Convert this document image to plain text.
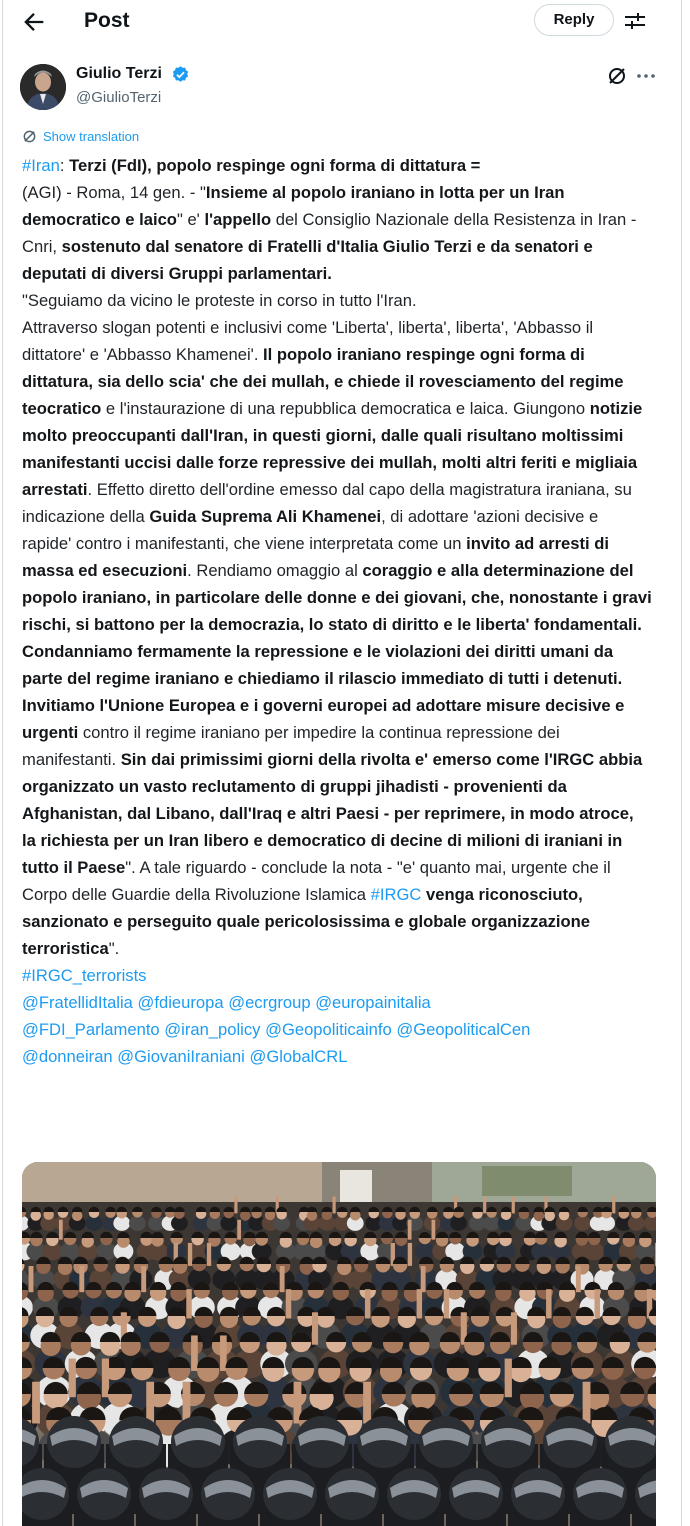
Post	Reply
Giulio Terzi
@GiulioTerzi
Show translation
#Iran: Terzi (FdI), popolo respinge ogni forma di dittatura =
(AGI) - Roma, 14 gen. - "Insieme al popolo iraniano in lotta per un Iran democratico e laico" e' l'appello del Consiglio Nazionale della Resistenza in Iran - Cnri, sostenuto dal senatore di Fratelli d'Italia Giulio Terzi e da senatori e deputati di diversi Gruppi parlamentari.
"Seguiamo da vicino le proteste in corso in tutto l'Iran.
Attraverso slogan potenti e inclusivi come 'Liberta', liberta', liberta', 'Abbasso il dittatore' e 'Abbasso Khamenei'. Il popolo iraniano respinge ogni forma di dittatura, sia dello scia' che dei mullah, e chiede il rovesciamento del regime teocratico e l'instaurazione di una repubblica democratica e laica. Giungono notizie molto preoccupanti dall'Iran, in questi giorni, dalle quali risultano moltissimi manifestanti uccisi dalle forze repressive dei mullah, molti altri feriti e migliaia arrestati. Effetto diretto dell'ordine emesso dal capo della magistratura iraniana, su indicazione della Guida Suprema Ali Khamenei, di adottare 'azioni decisive e rapide' contro i manifestanti, che viene interpretata come un invito ad arresti di massa ed esecuzioni. Rendiamo omaggio al coraggio e alla determinazione del popolo iraniano, in particolare delle donne e dei giovani, che, nonostante i gravi rischi, si battono per la democrazia, lo stato di diritto e le liberta' fondamentali. Condanniamo fermamente la repressione e le violazioni dei diritti umani da parte del regime iraniano e chiediamo il rilascio immediato di tutti i detenuti. Invitiamo l'Unione Europea e i governi europei ad adottare misure decisive e urgenti contro il regime iraniano per impedire la continua repressione dei manifestanti. Sin dai primissimi giorni della rivolta e' emerso come l'IRGC abbia organizzato un vasto reclutamento di gruppi jihadisti - provenienti da Afghanistan, dal Libano, dall'Iraq e altri Paesi - per reprimere, in modo atroce, la richiesta per un Iran libero e democratico di decine di milioni di iraniani in tutto il Paese". A tale riguardo - conclude la nota - "e' quanto mai, urgente che il Corpo delle Guardie della Rivoluzione Islamica #IRGC venga riconosciuto, sanzionato e perseguito quale pericolosissima e globale organizzazione terroristica".
#IRGC_terrorists
@FratellidItalia @fdieuropa @ecrgroup @europainitalia
@FDI_Parlamento @iran_policy @Geopoliticainfo @GeopoliticalCen
@donneiran @GiovaniIraniani @GlobalCRL
